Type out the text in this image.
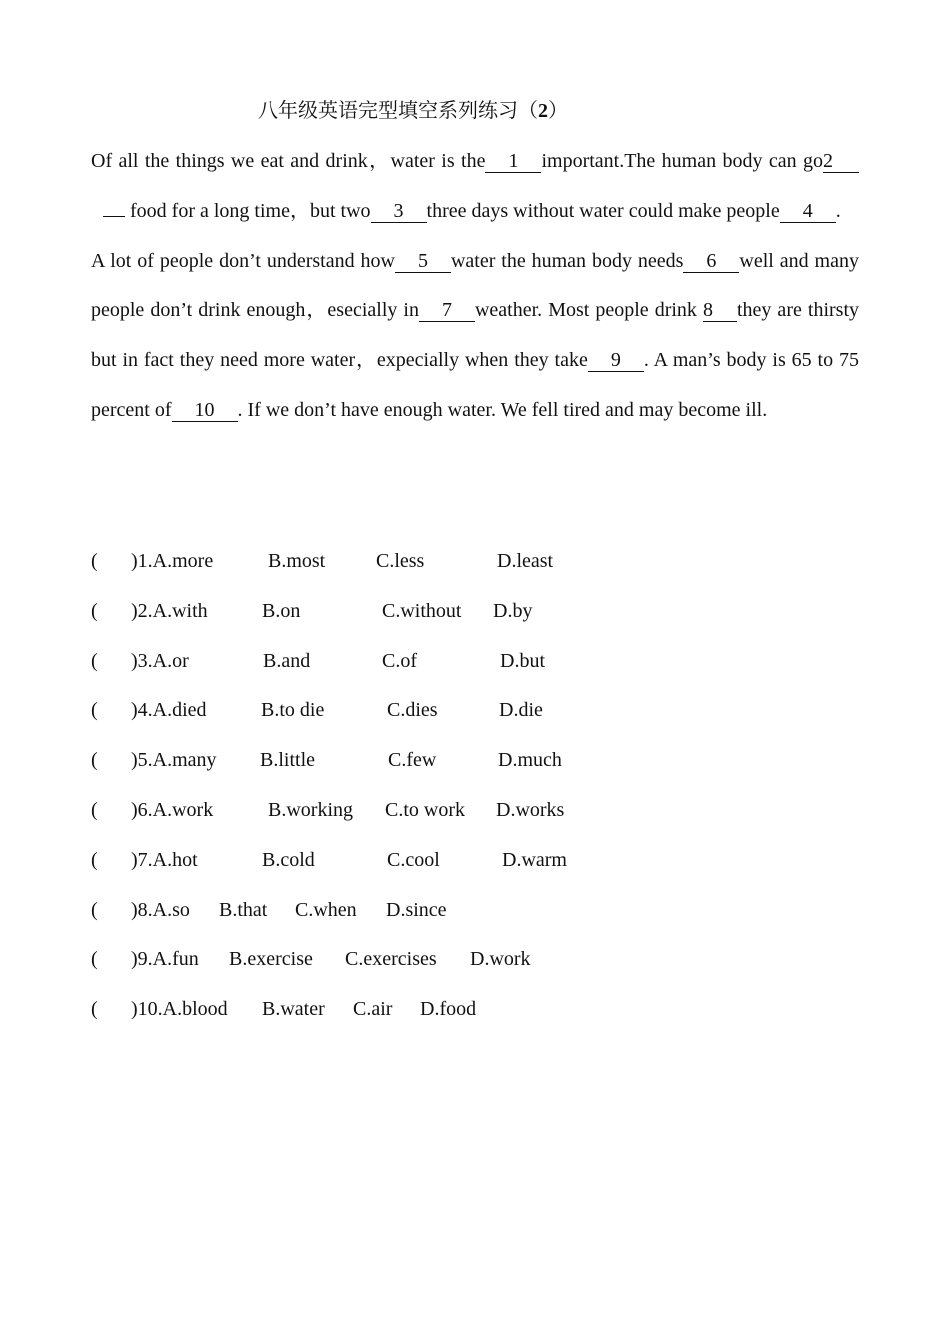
八年级英语完型填空系列练习（2）

Of all the things we eat and drink，water is the 1 important.The human body can go2 food for a long time，but two 3 three days without water could make people 4 .

A lot of people don’t understand how 5 water the human body needs 6 well and many people don’t drink enough，esecially in 7 weather. Most people drink 8 they are thirsty but in fact they need more water，expecially when they take 9 . A man’s body is 65 to 75 percent of 10 . If we don’t have enough water. We fell tired and may become ill.

( )1.A.more	B.most	C.less	D.least
( )2.A.with	B.on	C.without D.by
( )3.A.or	B.and	C.of	D.but
( )4.A.died	B.to die	C.dies	D.die
( )5.A.many B.little	C.few	D.much
( )6.A.work	B.working C.to work D.works
( )7.A.hot	B.cold	C.cool	D.warm
( )8.A.so B.that C.when D.since
( )9.A.fun B.exercise C.exercises D.work
( )10.A.blood B.water C.air D.food
